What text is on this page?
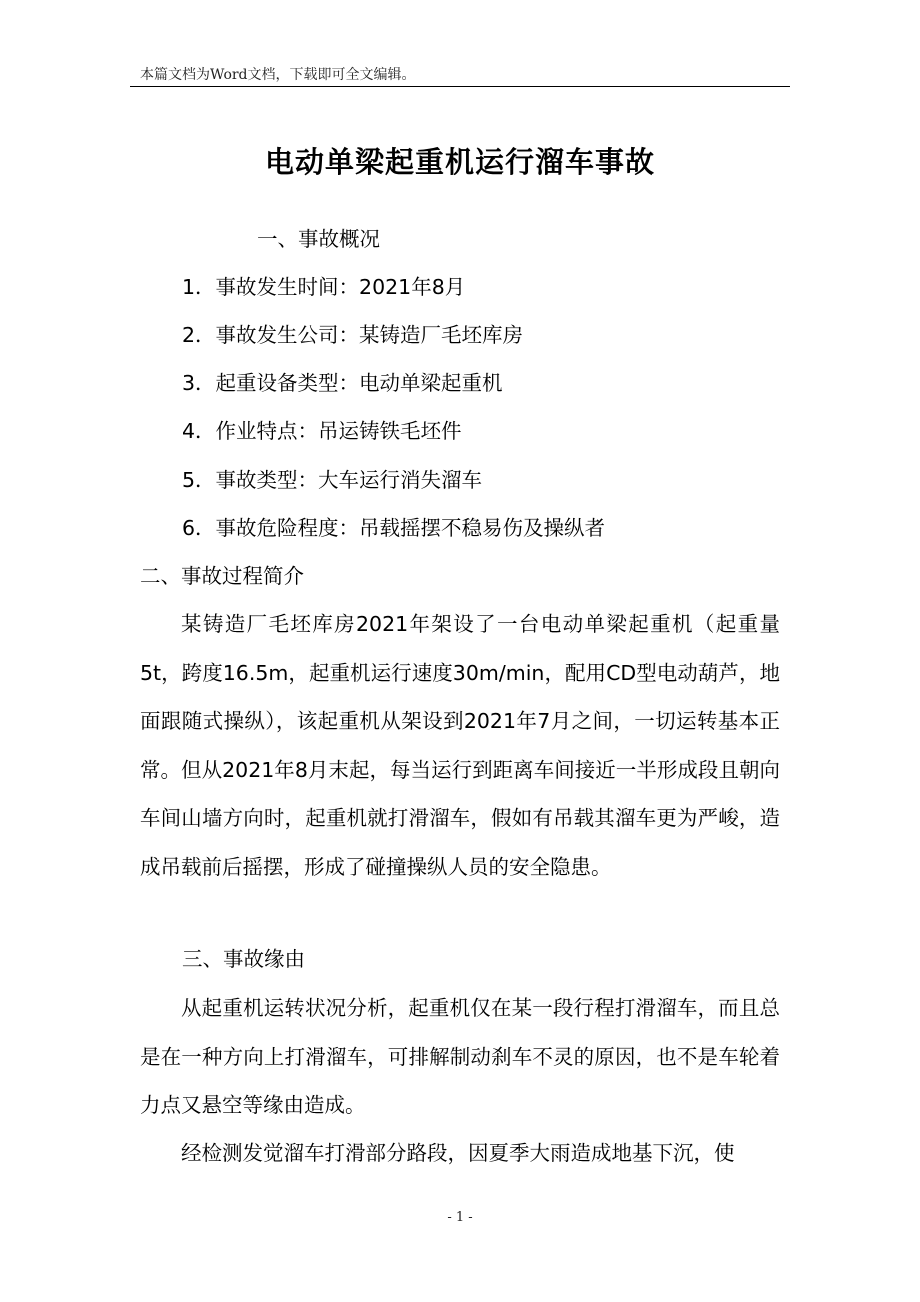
本篇文档为Word文档，下载即可全文编辑。
电动单梁起重机运行溜车事故
一、事故概况
1．事故发生时间：2021年8月
2．事故发生公司：某铸造厂毛坯库房
3．起重设备类型：电动单梁起重机
4．作业特点：吊运铸铁毛坯件
5．事故类型：大车运行消失溜车
6．事故危险程度：吊载摇摆不稳易伤及操纵者
二、事故过程简介
某铸造厂毛坯库房2021年架设了一台电动单梁起重机（起重量5t，跨度16.5m，起重机运行速度30m/min，配用CD型电动葫芦，地面跟随式操纵），该起重机从架设到2021年7月之间，一切运转基本正常。但从2021年8月末起，每当运行到距离车间接近一半形成段且朝向车间山墙方向时，起重机就打滑溜车，假如有吊载其溜车更为严峻，造成吊载前后摇摆，形成了碰撞操纵人员的安全隐患。
三、事故缘由
从起重机运转状况分析，起重机仅在某一段行程打滑溜车，而且总是在一种方向上打滑溜车，可排解制动刹车不灵的原因，也不是车轮着力点又悬空等缘由造成。
经检测发觉溜车打滑部分路段，因夏季大雨造成地基下沉，使
- 1 -
